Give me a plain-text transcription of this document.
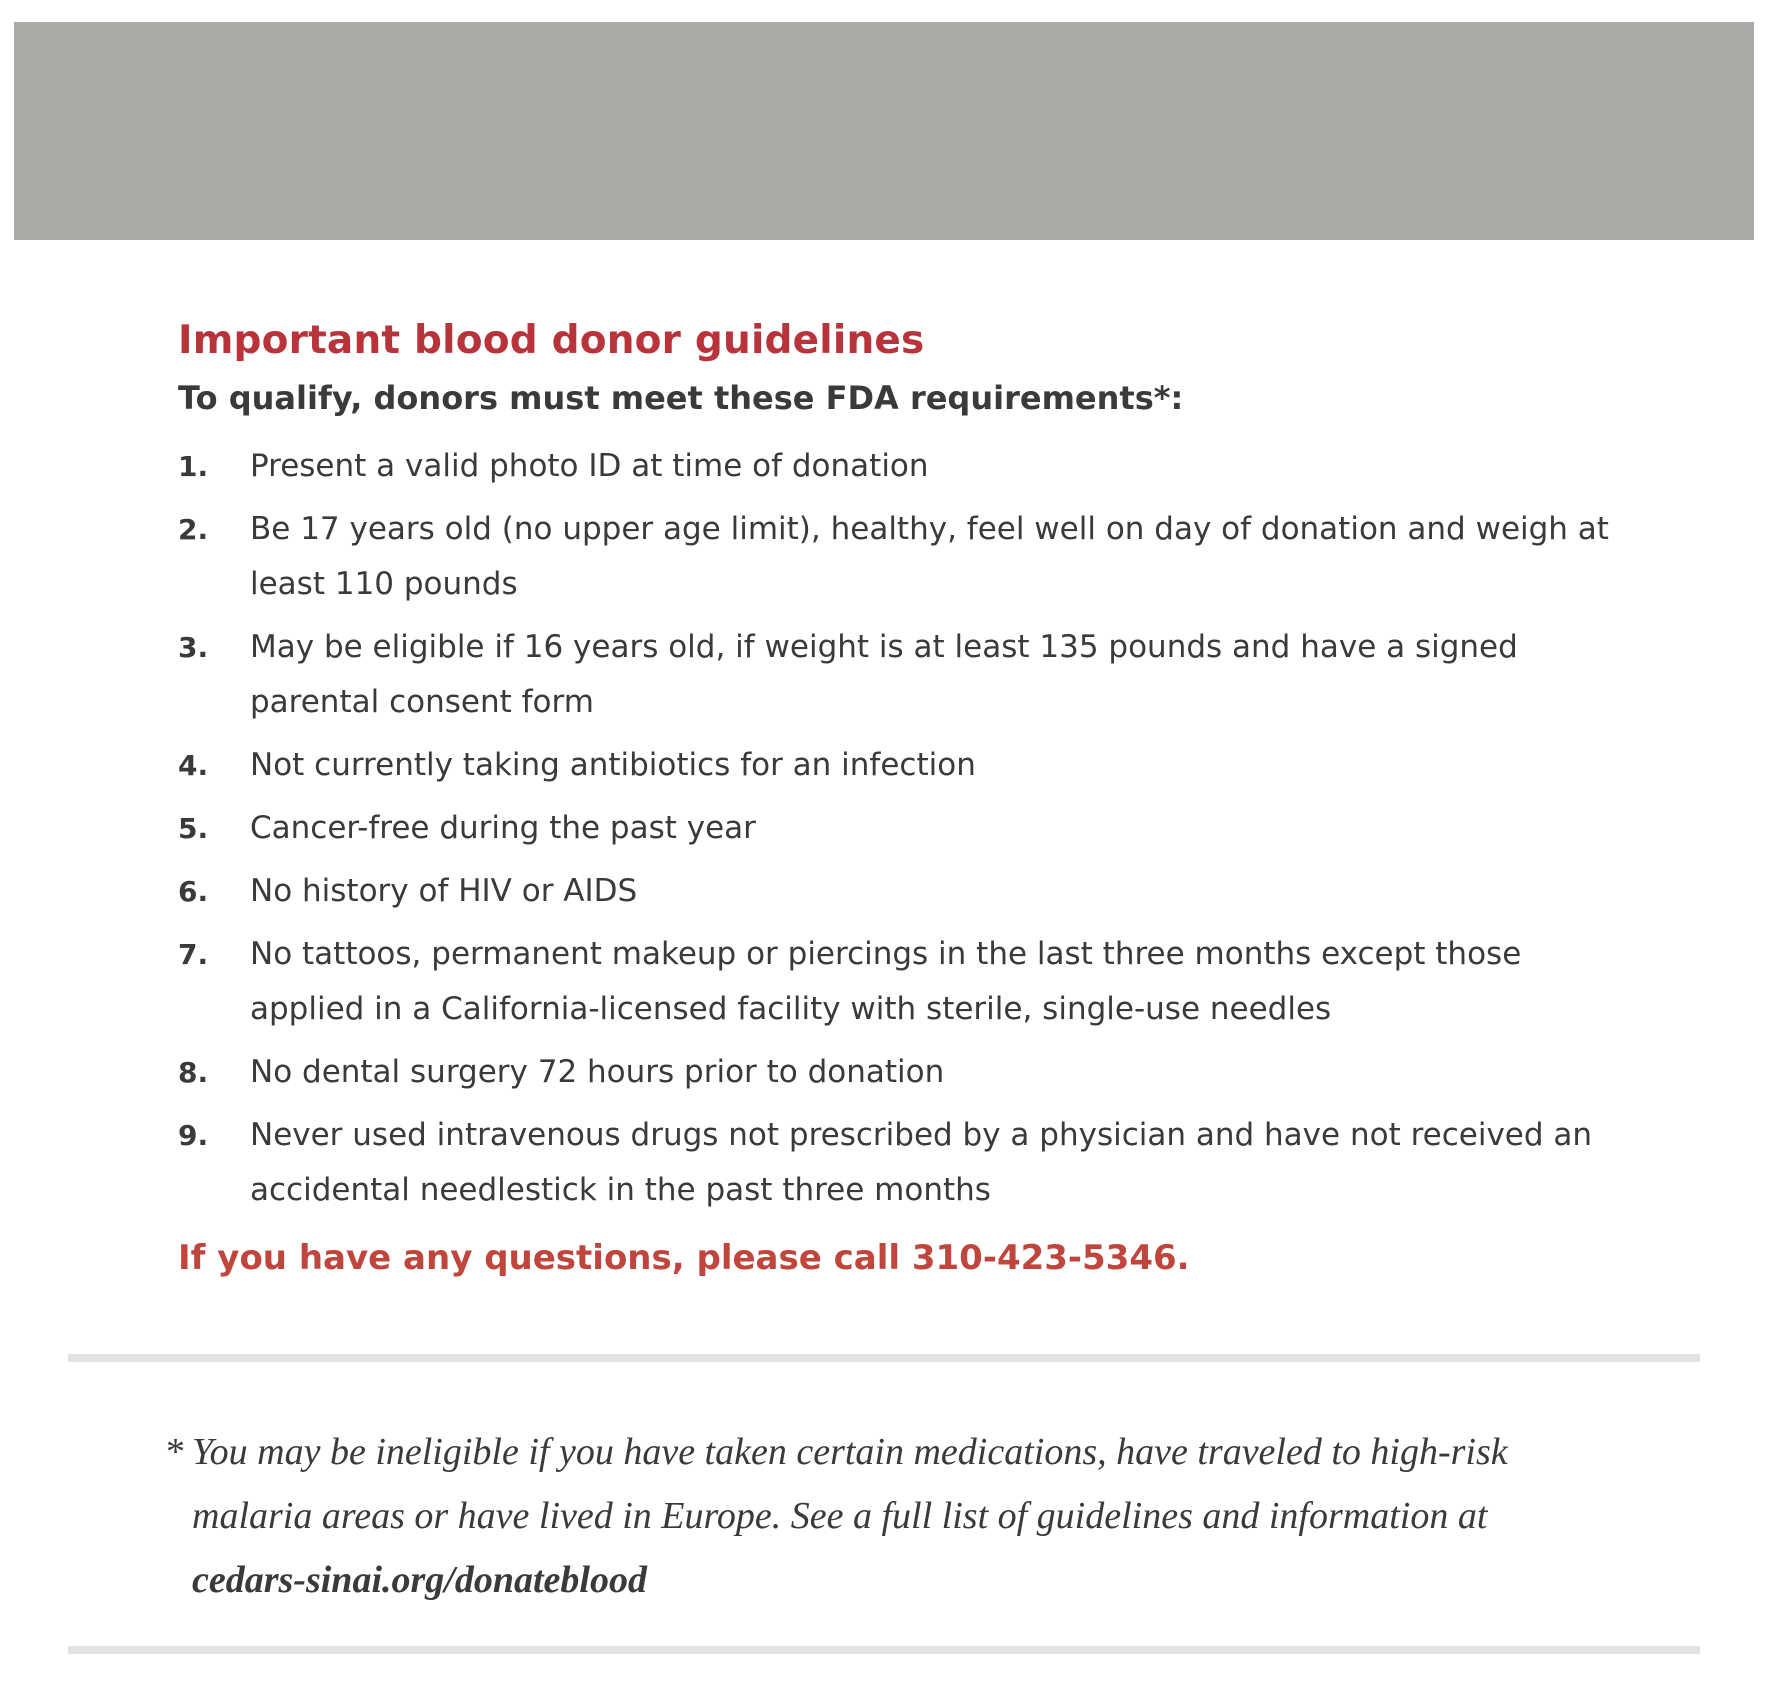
Important blood donor guidelines
To qualify, donors must meet these FDA requirements*:
1.	Present a valid photo ID at time of donation
2.	Be 17 years old (no upper age limit), healthy, feel well on day of donation and weigh at least 110 pounds
3.	May be eligible if 16 years old, if weight is at least 135 pounds and have a signed parental consent form
4.	Not currently taking antibiotics for an infection
5.	Cancer-free during the past year
6.	No history of HIV or AIDS
7.	No tattoos, permanent makeup or piercings in the last three months except those applied in a California-licensed facility with sterile, single-use needles
8.	No dental surgery 72 hours prior to donation
9.	Never used intravenous drugs not prescribed by a physician and have not received an accidental needlestick in the past three months
If you have any questions, please call 310-423-5346.
* You may be ineligible if you have taken certain medications, have traveled to high-risk malaria areas or have lived in Europe. See a full list of guidelines and information at
cedars-sinai.org/donateblood
